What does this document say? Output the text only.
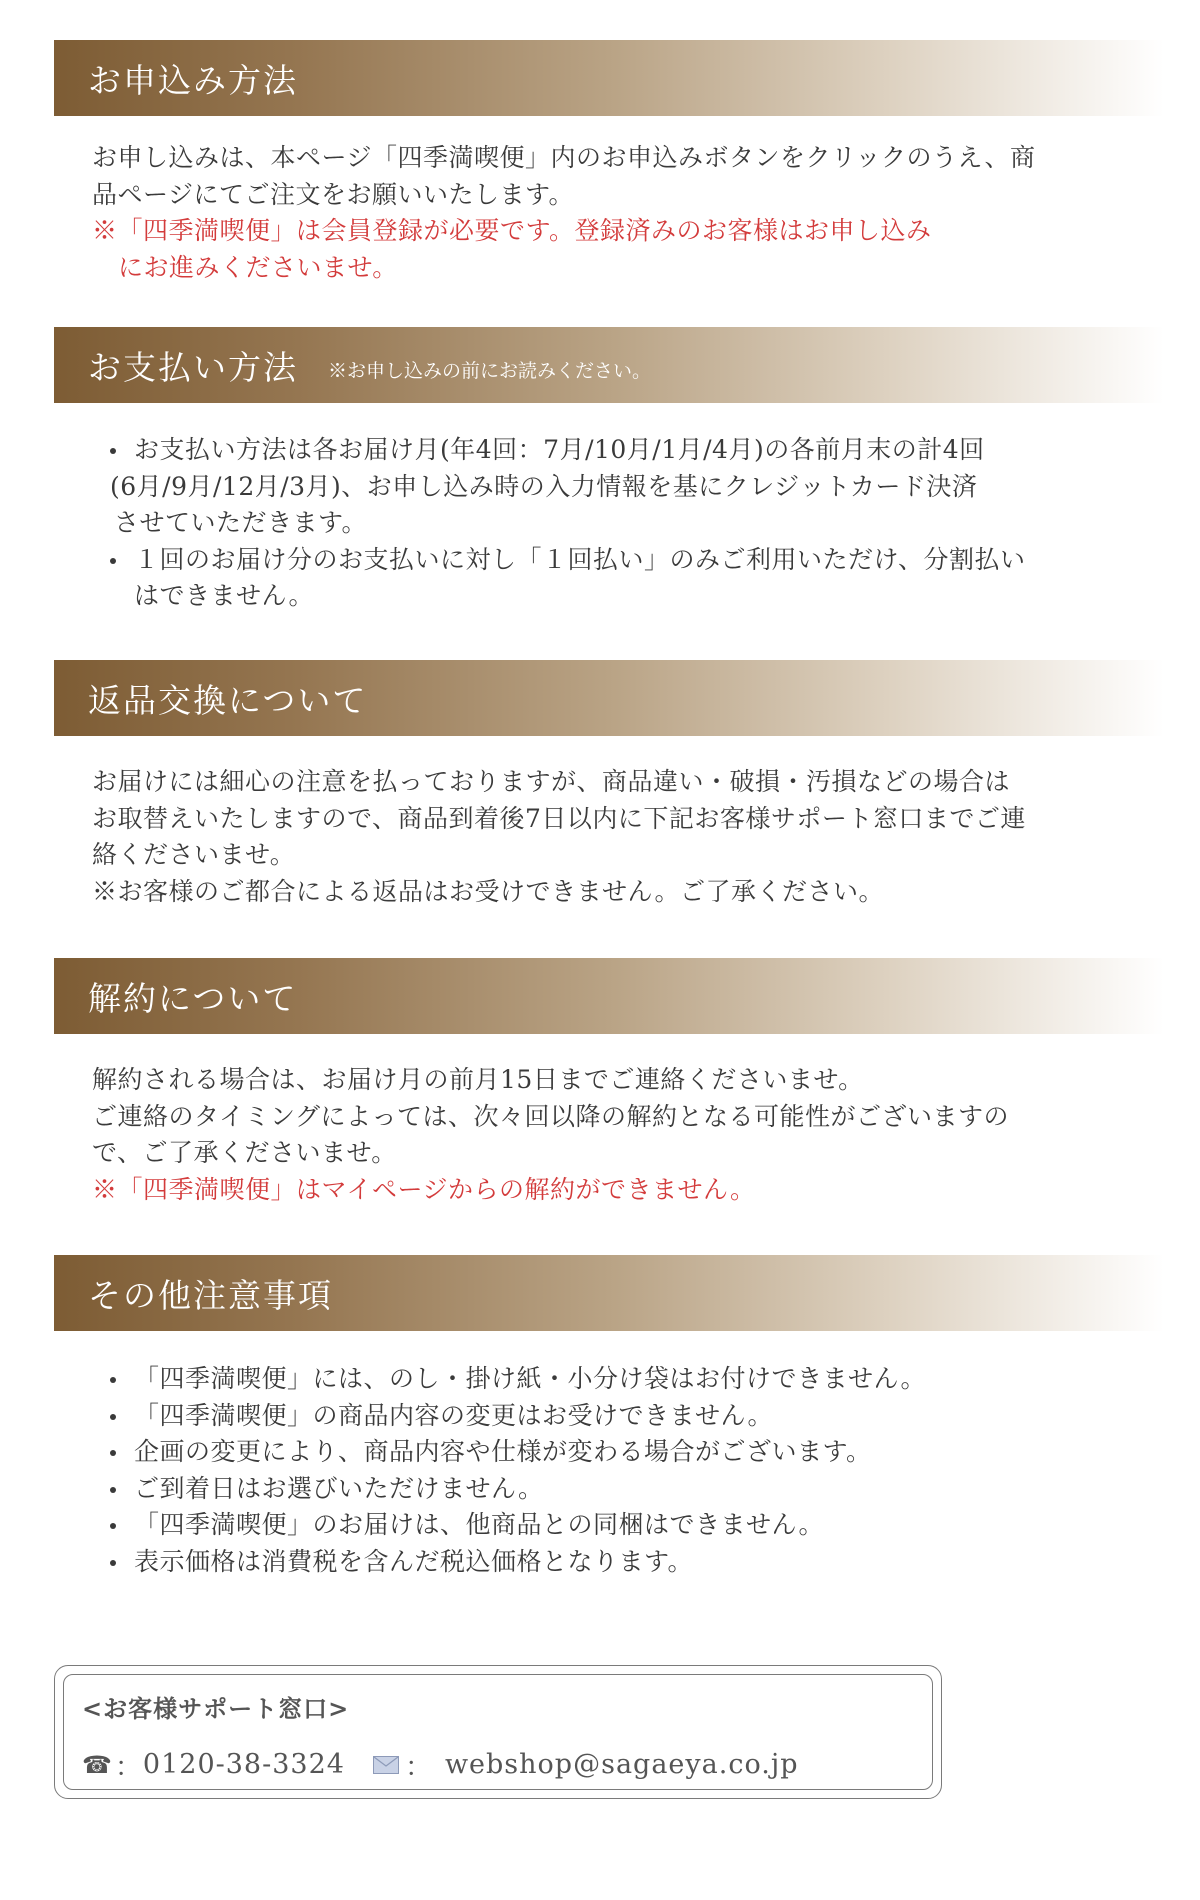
お申込み方法

お申し込みは、本ページ「四季満喫便」内のお申込みボタンをクリックのうえ、商

品ページにてご注文をお願いいたします。

※「四季満喫便」は会員登録が必要です。登録済みのお客様はお申し込み

にお進みくださいませ。

お支払い方法 ※お申し込みの前にお読みください。
お支払い方法は各お届け月(年4回：7月/10月/1月/4月)の各前月末の計4回
(6月/9月/12月/3月)、お申し込み時の入力情報を基にクレジットカード決済
させていただきます。
１回のお届け分のお支払いに対し「１回払い」のみご利用いただけ、分割払い
はできません。
返品交換について

お届けには細心の注意を払っておりますが、商品違い・破損・汚損などの場合は

お取替えいたしますので、商品到着後7日以内に下記お客様サポート窓口までご連

絡くださいませ。

※お客様のご都合による返品はお受けできません。ご了承ください。

解約について

解約される場合は、お届け月の前月15日までご連絡くださいませ。

ご連絡のタイミングによっては、次々回以降の解約となる可能性がございますの

で、ご了承くださいませ。

※「四季満喫便」はマイページからの解約ができません。

その他注意事項
「四季満喫便」には、のし・掛け紙・小分け袋はお付けできません。
「四季満喫便」の商品内容の変更はお受けできません。
企画の変更により、商品内容や仕様が変わる場合がございます。
ご到着日はお選びいただけません。
「四季満喫便」のお届けは、他商品との同梱はできません。
表示価格は消費税を含んだ税込価格となります。
<お客様サポート窓口>
☎ ： 0120-38-3324 ： webshop@sagaeya.co.jp
